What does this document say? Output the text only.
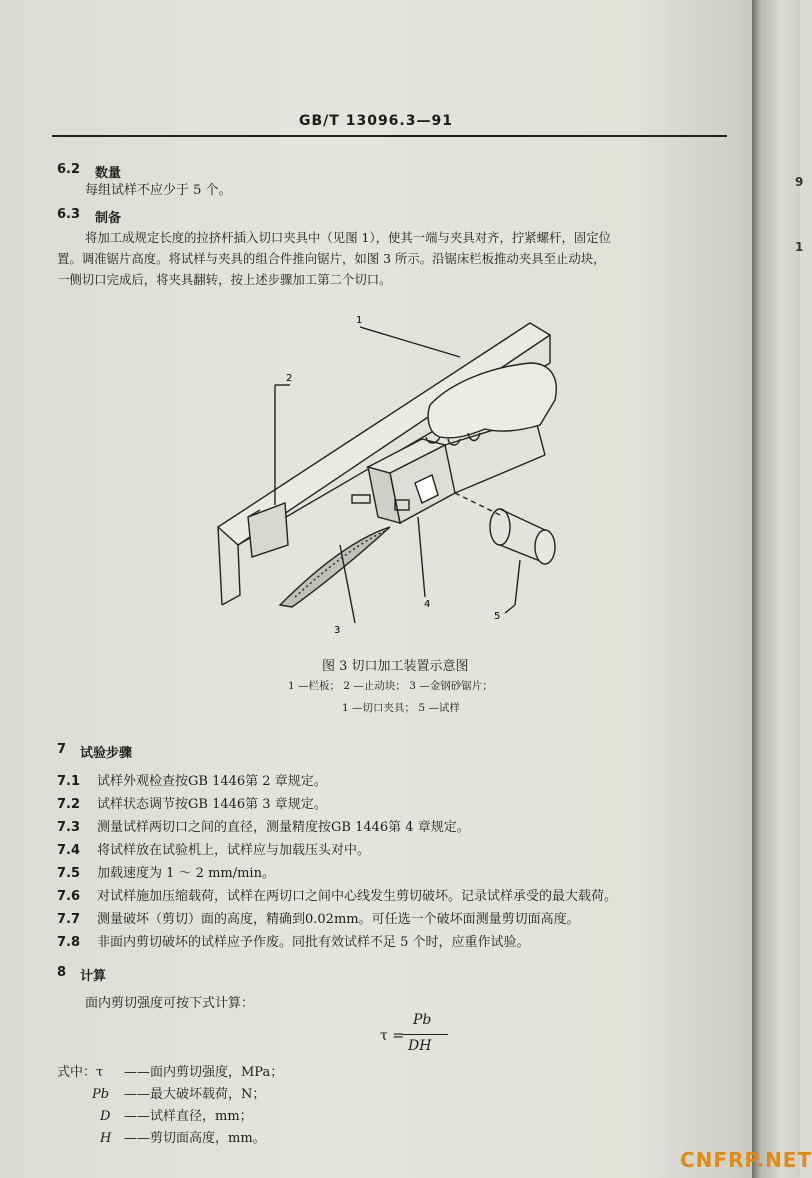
9
1
GB/T 13096.3—91
6.2 数量
每组试样不应少于 5 个。
6.3 制备
将加工成规定长度的拉挤杆插入切口夹具中（见图 1），使其一端与夹具对齐，拧紧螺杆，固定位
置。调准锯片高度。将试样与夹具的组合件推向锯片，如图 3 所示。沿锯床栏板推动夹具至止动块，
一侧切口完成后，将夹具翻转，按上述步骤加工第二个切口。
1
2
3
4
5
图 3 切口加工装置示意图
1 —栏板； 2 —止动块； 3 —金钢砂锯片；
1 —切口夹具； 5 —试样
7 试验步骤
7.1 试样外观检查按GB 1446第 2 章规定。
7.2 试样状态调节按GB 1446第 3 章规定。
7.3 测量试样两切口之间的直径，测量精度按GB 1446第 4 章规定。
7.4 将试样放在试验机上，试样应与加载压头对中。
7.5 加载速度为 1 ～ 2 mm/min。
7.6 对试样施加压缩载荷，试样在两切口之间中心线发生剪切破坏。记录试样承受的最大载荷。
7.7 测量破坏（剪切）面的高度，精确到0.02mm。可任选一个破坏面测量剪切面高度。
7.8 非面内剪切破坏的试样应予作废。同批有效试样不足 5 个时，应重作试验。
8 计算
面内剪切强度可按下式计算：
τ =
Pb
DH
式中：τ ——面内剪切强度，MPa；
Pb ——最大破坏载荷，N；
D ——试样直径，mm；
H ——剪切面高度，mm。
CNFRP.NET
